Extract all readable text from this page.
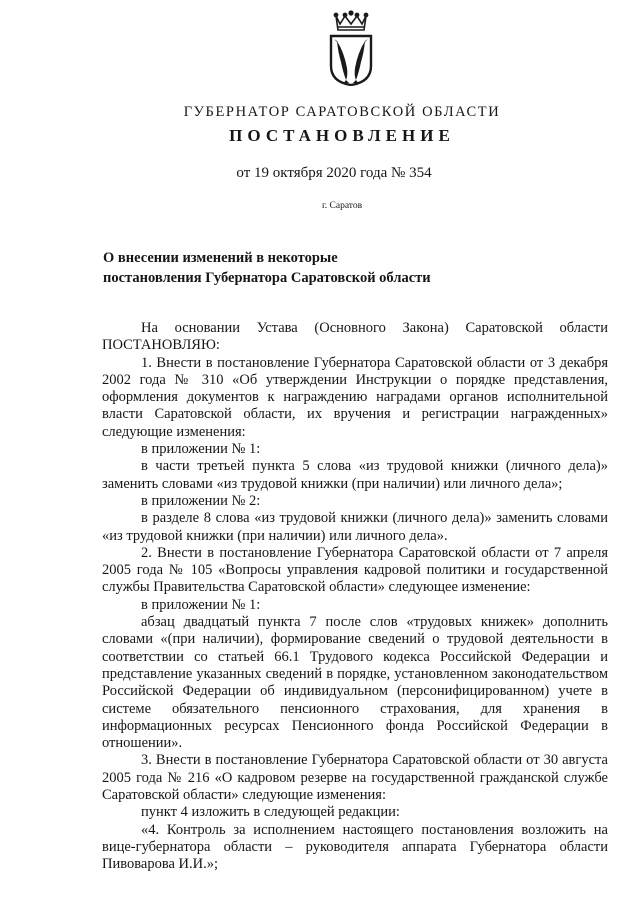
ГУБЕРНАТОР САРАТОВСКОЙ ОБЛАСТИ
ПОСТАНОВЛЕНИЕ
от 19 октября 2020 года № 354
г. Саратов
О внесении изменений в некоторые
постановления Губернатора Саратовской области

На основании Устава (Основного Закона) Саратовской области

ПОСТАНОВЛЯЮ:

1. Внести в постановление Губернатора Саратовской области от 3 декабря 2002 года № 310 «Об утверждении Инструкции о порядке представления, оформления документов к награждению наградами органов исполнительной власти Саратовской области, их вручения и регистрации награжденных» следующие изменения:

в приложении № 1:

в части третьей пункта 5 слова «из трудовой книжки (личного дела)» заменить словами «из трудовой книжки (при наличии) или личного дела»;

в приложении № 2:

в разделе 8 слова «из трудовой книжки (личного дела)» заменить словами «из трудовой книжки (при наличии) или личного дела».

2. Внести в постановление Губернатора Саратовской области от 7 апреля 2005 года № 105 «Вопросы управления кадровой политики и государственной службы Правительства Саратовской области» следующее изменение:

в приложении № 1:

абзац двадцатый пункта 7 после слов «трудовых книжек» дополнить словами «(при наличии), формирование сведений о трудовой деятельности в соответствии со статьей 66.1 Трудового кодекса Российской Федерации и представление указанных сведений в порядке, установленном законодательством Российской Федерации об индивидуальном (персонифицированном) учете в системе обязательного пенсионного страхования, для хранения в информационных ресурсах Пенсионного фонда Российской Федерации в отношении».

3. Внести в постановление Губернатора Саратовской области от 30 августа 2005 года № 216 «О кадровом резерве на государственной гражданской службе Саратовской области» следующие изменения:

пункт 4 изложить в следующей редакции:

«4. Контроль за исполнением настоящего постановления возложить на вице-губернатора области – руководителя аппарата Губернатора области Пивоварова И.И.»;
